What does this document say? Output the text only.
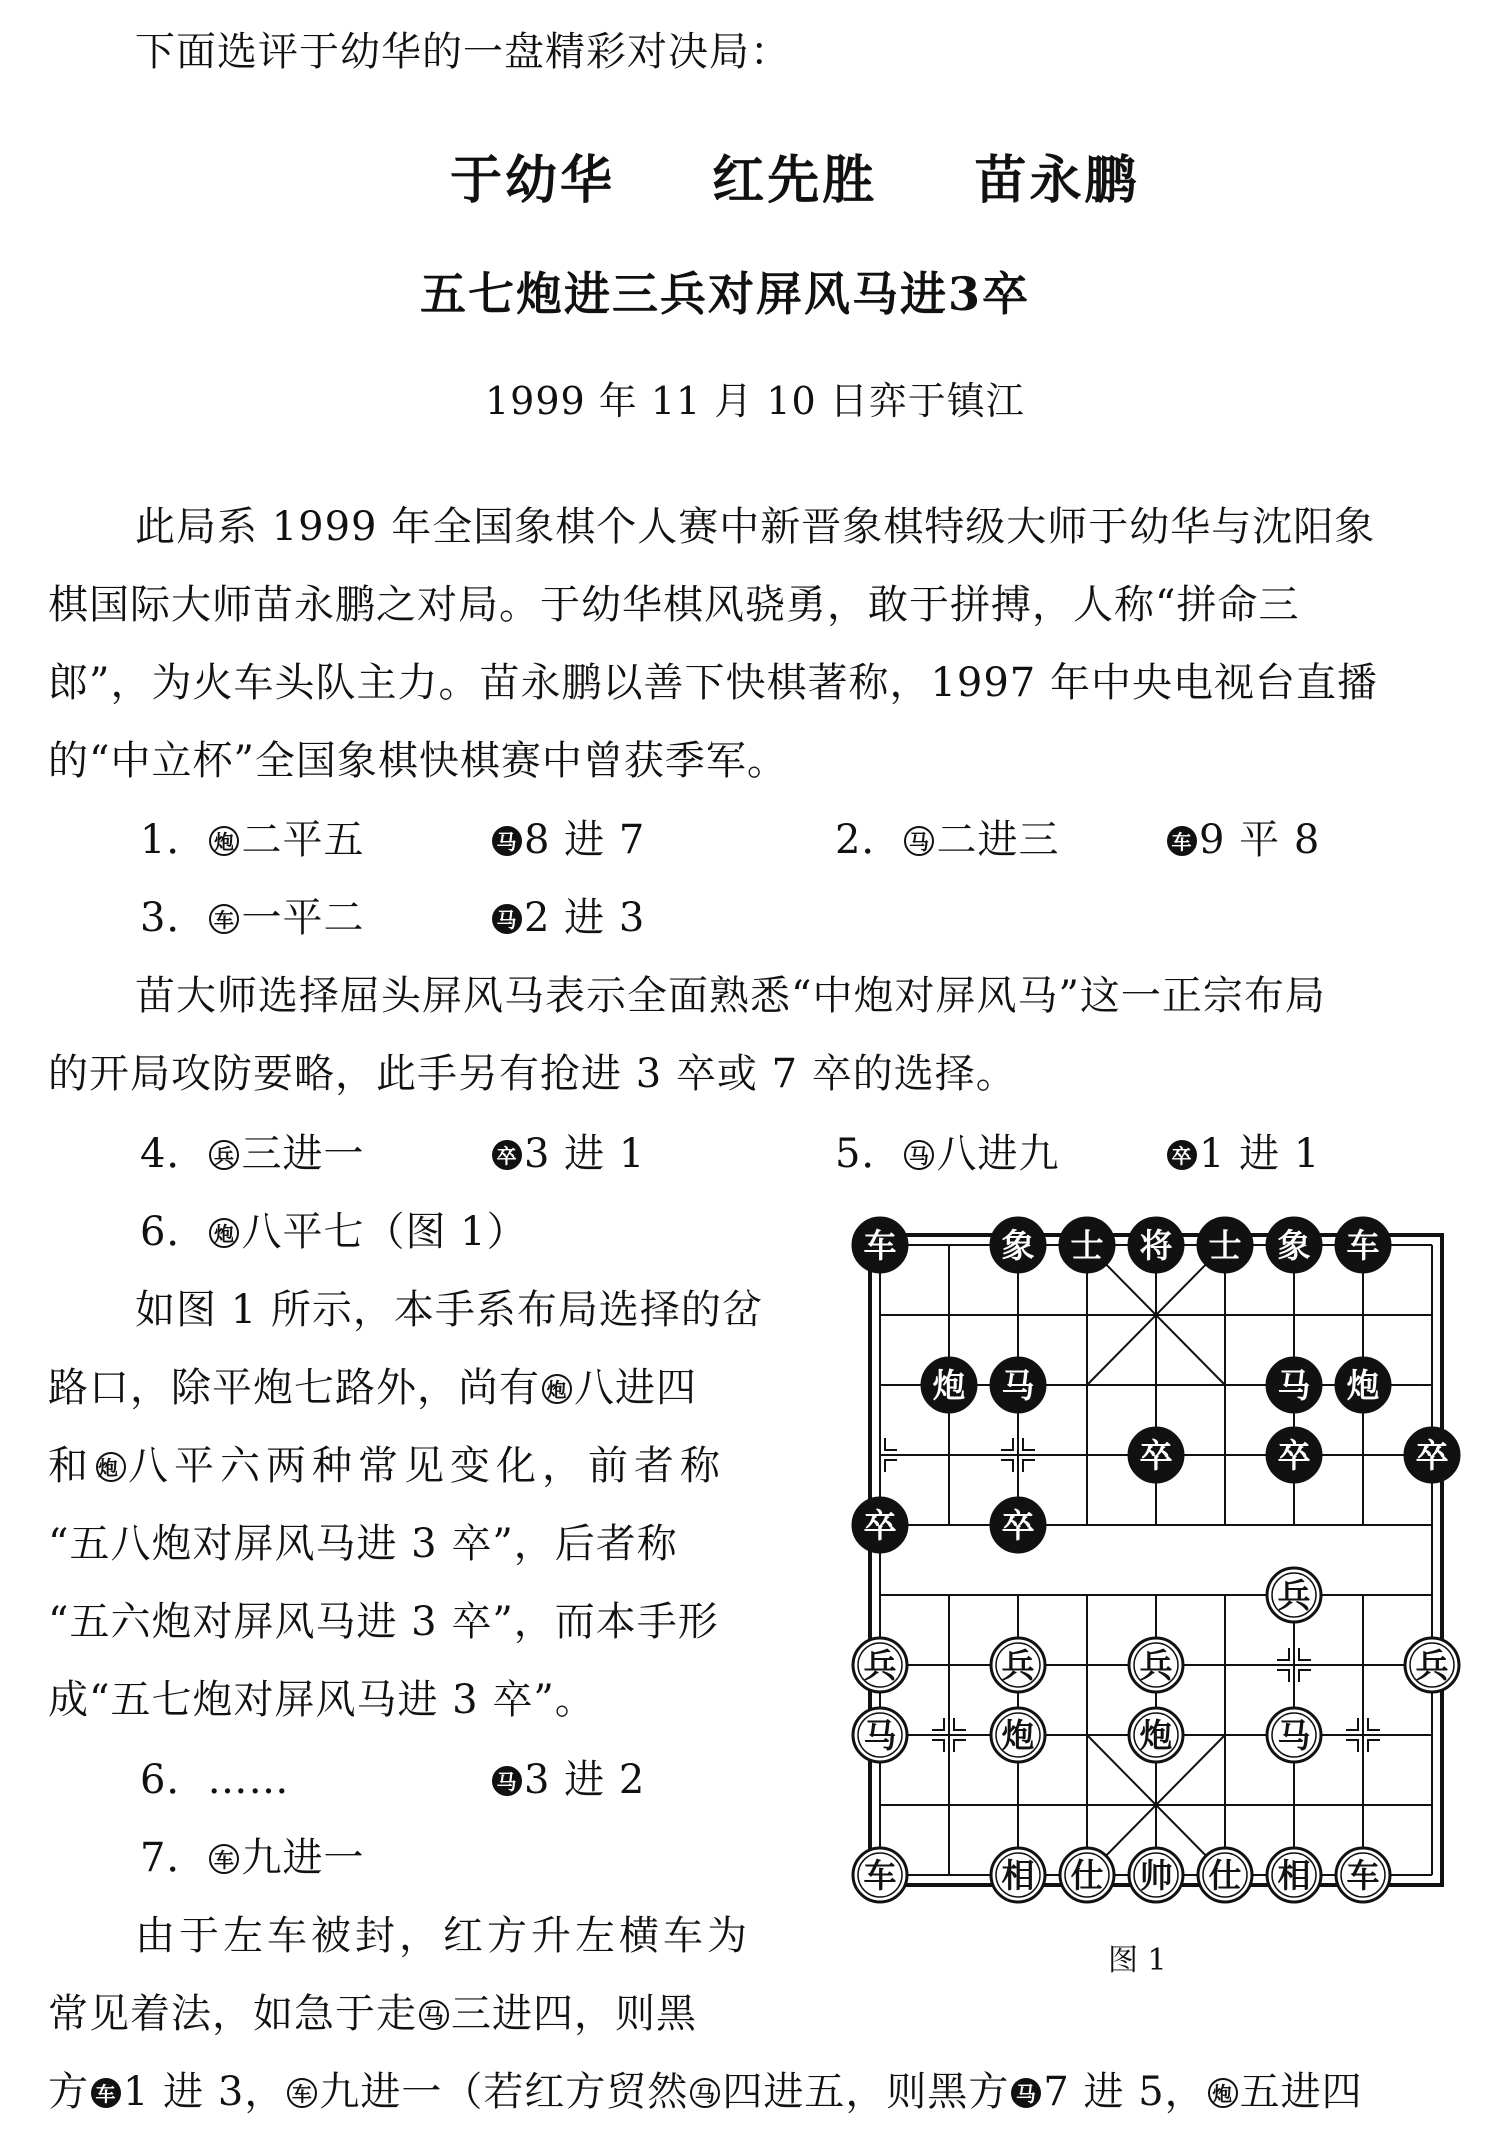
下面选评于幼华的一盘精彩对决局：
于幼华 红先胜 苗永鹏
五七炮进三兵对屏风马进3卒
1999 年 11 月 10 日弈于镇江
此局系 1999 年全国象棋个人赛中新晋象棋特级大师于幼华与沈阳象
棋国际大师苗永鹏之对局。于幼华棋风骁勇，敢于拼搏，人称“拼命三
郎”，为火车头队主力。苗永鹏以善下快棋著称，1997 年中央电视台直播
的“中立杯”全国象棋快棋赛中曾获季军。
1． 炮 二平五	马 8 进 7	2． 马 二进三	车 9 平 8
3． 车 一平二	马 2 进 3
苗大师选择屈头屏风马表示全面熟悉“中炮对屏风马”这一正宗布局
的开局攻防要略，此手另有抢进 3 卒或 7 卒的选择。
4． 兵 三进一	卒 3 进 1	5． 马 八进九	卒 1 进 1
6． 炮 八平七（图 1）
如图 1 所示，本手系布局选择的岔
路口，除平炮七路外，尚有 炮 八进四
和 炮 八平六两种常见变化，前者称
“五八炮对屏风马进 3 卒”，后者称
“五六炮对屏风马进 3 卒”，而本手形
成“五七炮对屏风马进 3 卒”。
6．……	马 3 进 2
7． 车 九进一
由于左车被封，红方升左横车为
常见着法，如急于走 马 三进四，则黑
方 车 1 进 3， 车 九进一（若红方贸然 马 四进五，则黑方 马 7 进 5， 炮 五进四
车	象 士 将 士 象 车
炮 马	马 炮
卒	卒	卒
卒	卒
兵
兵	兵	兵	兵
马	炮	炮	马
车	相 仕 帅 仕 相 车
图 1
